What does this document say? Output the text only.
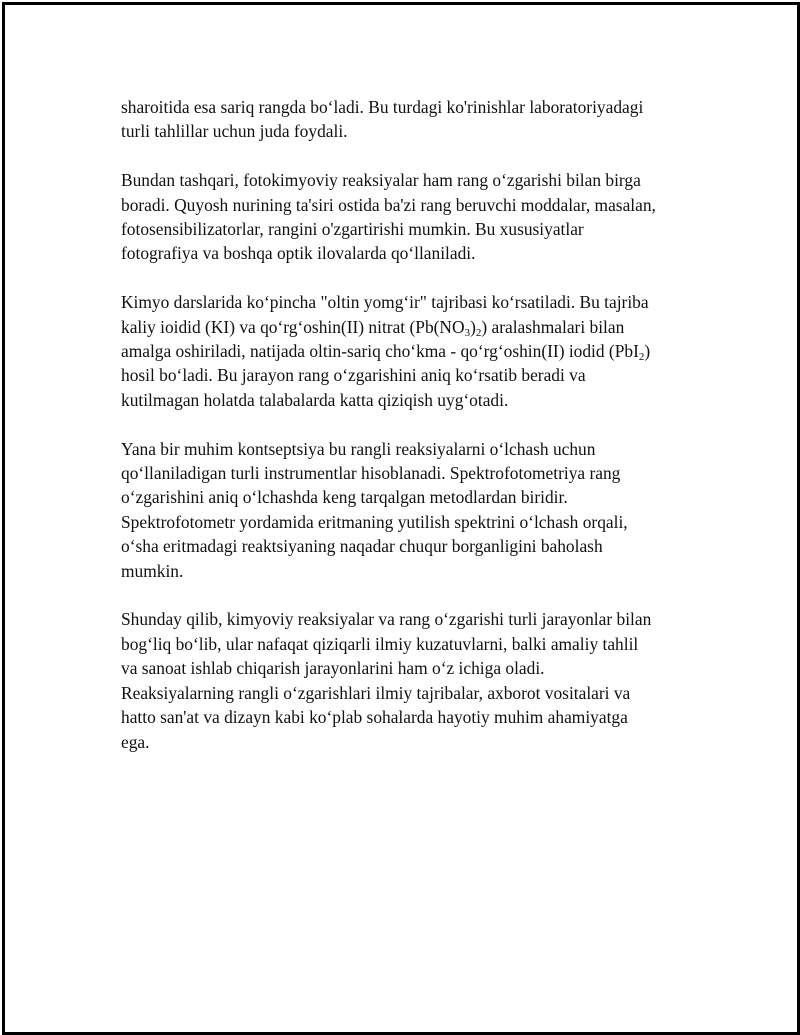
sharoitida esa sariq rangda bo‘ladi. Bu turdagi ko'rinishlar laboratoriyadagi
turli tahlillar uchun juda foydali.

Bundan tashqari, fotokimyoviy reaksiyalar ham rang o‘zgarishi bilan birga
boradi. Quyosh nurining ta'siri ostida ba'zi rang beruvchi moddalar, masalan,
fotosensibilizatorlar, rangini o'zgartirishi mumkin. Bu xususiyatlar
fotografiya va boshqa optik ilovalarda qo‘llaniladi.

Kimyo darslarida ko‘pincha "oltin yomg‘ir" tajribasi ko‘rsatiladi. Bu tajriba
kaliy ioidid (KI) va qo‘rg‘oshin(II) nitrat $(Pb(NO_3)_2)$ aralashmalari bilan
amalga oshiriladi, natijada oltin-sariq cho‘kma - qo‘rg‘oshin(II) iodid (PbI$_2$)
hosil bo‘ladi. Bu jarayon rang o‘zgarishini aniq ko‘rsatib beradi va
kutilmagan holatda talabalarda katta qiziqish uyg‘otadi.

Yana bir muhim kontseptsiya bu rangli reaksiyalarni o‘lchash uchun
qo‘llaniladigan turli instrumentlar hisoblanadi. Spektrofotometriya rang
o‘zgarishini aniq o‘lchashda keng tarqalgan metodlardan biridir.
Spektrofotometr yordamida eritmaning yutilish spektrini o‘lchash orqali,
o‘sha eritmadagi reaktsiyaning naqadar chuqur borganligini baholash
mumkin.

Shunday qilib, kimyoviy reaksiyalar va rang o‘zgarishi turli jarayonlar bilan
bog‘liq bo‘lib, ular nafaqat qiziqarli ilmiy kuzatuvlarni, balki amaliy tahlil
va sanoat ishlab chiqarish jarayonlarini ham o‘z ichiga oladi.
Reaksiyalarning rangli o‘zgarishlari ilmiy tajribalar, axborot vositalari va
hatto san'at va dizayn kabi ko‘plab sohalarda hayotiy muhim ahamiyatga
ega.
